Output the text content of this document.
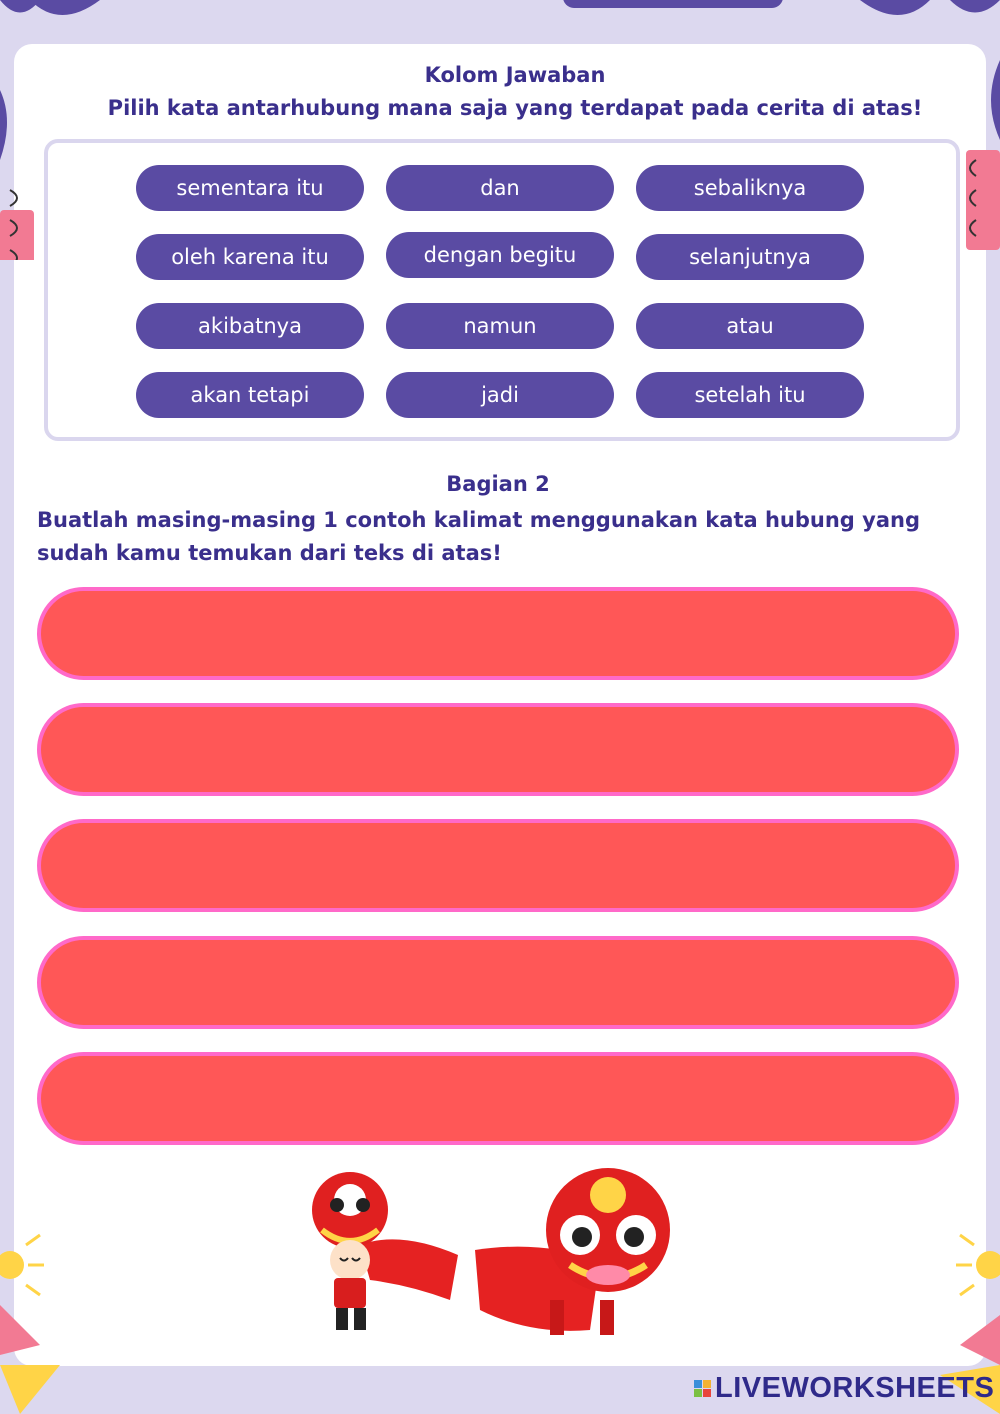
Kolom Jawaban
Pilih kata antarhubung mana saja yang terdapat pada cerita di atas!
sementara itu	dan	sebaliknya
oleh karena itu	dengan begitu	selanjutnya
akibatnya	namun	atau
akan tetapi	jadi	setelah itu
Bagian 2
Buatlah masing-masing 1 contoh kalimat menggunakan kata hubung yang sudah kamu temukan dari teks di atas!
LIVEWORKSHEETS
